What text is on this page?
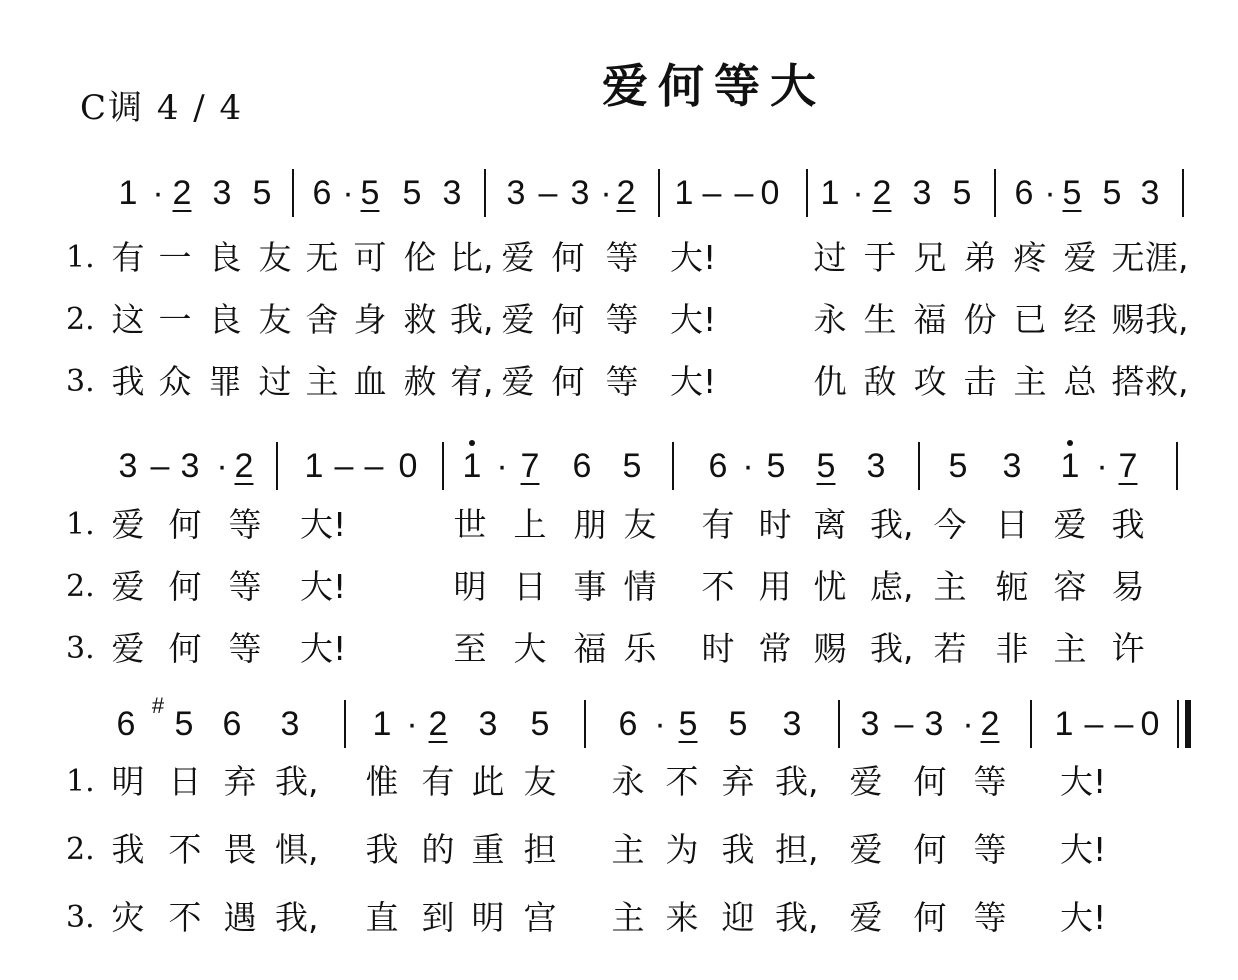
C调 4 / 4	爱何等大
1 · 2 3 5 6 · 5 5 3 3 – 3 · 2 1 – – 0 1 · 2 3 5 6 · 5 5 3
1. 有 一 良 友 无 可 伦 比, 爱 何 等 大!	过 于 兄 弟 疼 爱 无 涯,
2. 这 一 良 友 舍 身 救 我, 爱 何 等 大!	永 生 福 份 已 经 赐 我,
3. 我 众 罪 过 主 血 赦 宥, 爱 何 等 大!	仇 敌 攻 击 主 总 搭 救,
3 – 3 · 2 1 – – 0 1 · 7 6 5 6 · 5 5 3 5 3 1 · 7
1. 爱 何 等 大!	世 上 朋 友 有 时 离 我, 今 日 爱 我
2. 爱 何 等 大!	明 日 事 情 不 用 忧 虑, 主 轭 容 易
3. 爱 何 等 大!	至 大 福 乐 时 常 赐 我, 若 非 主 许
6 # 5 6 3 1 · 2 3 5 6 · 5 5 3 3 – 3 · 2 1 – – 0
1. 明 日 弃 我, 惟 有 此 友 永 不 弃 我, 爱 何 等 大!
2. 我 不 畏 惧, 我 的 重 担 主 为 我 担, 爱 何 等 大!
3. 灾 不 遇 我, 直 到 明 宫 主 来 迎 我, 爱 何 等 大!
